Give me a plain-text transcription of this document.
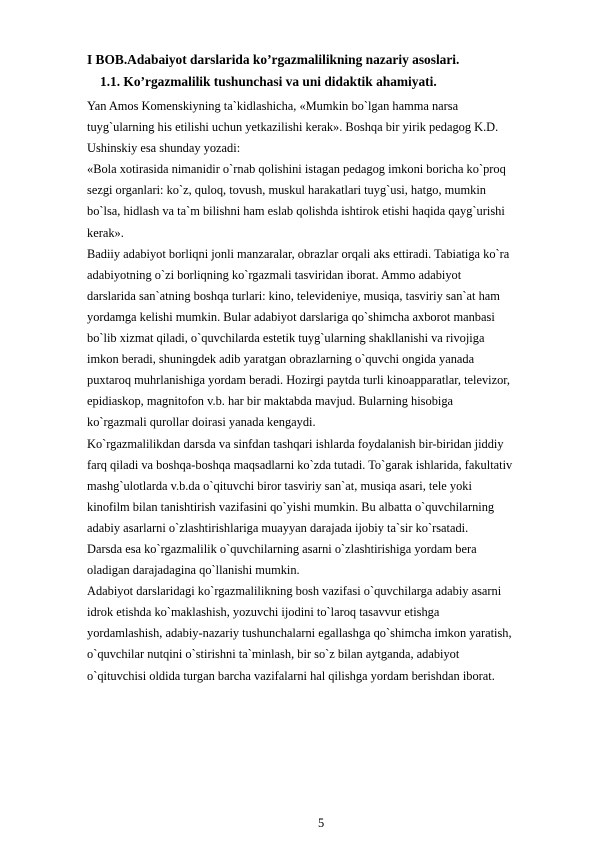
I BOB.Adabaiyot darslarida ko’rgazmalilikning nazariy asoslari.
1.1. Ko’rgazmalilik tushunchasi va uni didaktik ahamiyati.
Yan Amos Komenskiyning ta`kidlashicha, «Mumkin bo`lgan hamma narsa
tuyg`ularning his etilishi uchun yetkazilishi kerak». Boshqa bir yirik pedagog K.D.
Ushinskiy esa shunday yozadi:
«Bola xotirasida nimanidir o`rnab qolishini istagan pedagog imkoni boricha ko`proq
sezgi organlari: ko`z, quloq, tovush, muskul harakatlari tuyg`usi, hatgo, mumkin
bo`lsa, hidlash va ta`m bilishni ham eslab qolishda ishtirok etishi haqida qayg`urishi
kerak».
Badiiy adabiyot borliqni jonli manzaralar, obrazlar orqali aks ettiradi. Tabiatiga ko`ra
adabiyotning o`zi borliqning ko`rgazmali tasviridan iborat. Ammo adabiyot
darslarida san`atning boshqa turlari: kino, televideniye, musiqa, tasviriy san`at ham
yordamga kelishi mumkin. Bular adabiyot darslariga qo`shimcha axborot manbasi
bo`lib xizmat qiladi, o`quvchilarda estetik tuyg`ularning shakllanishi va rivojiga
imkon beradi, shuningdek adib yaratgan obrazlarning o`quvchi ongida yanada
puxtaroq muhrlanishiga yordam beradi. Hozirgi paytda turli kinoapparatlar, televizor,
epidiaskop, magnitofon v.b. har bir maktabda mavjud. Bularning hisobiga
ko`rgazmali qurollar doirasi yanada kengaydi.
Ko`rgazmalilikdan darsda va sinfdan tashqari ishlarda foydalanish bir-biridan jiddiy
farq qiladi va boshqa-boshqa maqsadlarni ko`zda tutadi. To`garak ishlarida, fakultativ
mashg`ulotlarda v.b.da o`qituvchi biror tasviriy san`at, musiqa asari, tele yoki
kinofilm bilan tanishtirish vazifasini qo`yishi mumkin. Bu albatta o`quvchilarning
adabiy asarlarni o`zlashtirishlariga muayyan darajada ijobiy ta`sir ko`rsatadi.
Darsda esa ko`rgazmalilik o`quvchilarning asarni o`zlashtirishiga yordam bera
oladigan darajadagina qo`llanishi mumkin.
Adabiyot darslaridagi ko`rgazmalilikning bosh vazifasi o`quvchilarga adabiy asarni
idrok etishda ko`maklashish, yozuvchi ijodini to`laroq tasavvur etishga
yordamlashish, adabiy-nazariy tushunchalarni egallashga qo`shimcha imkon yaratish,
o`quvchilar nutqini o`stirishni ta`minlash, bir so`z bilan aytganda, adabiyot
o`qituvchisi oldida turgan barcha vazifalarni hal qilishga yordam berishdan iborat.
5
